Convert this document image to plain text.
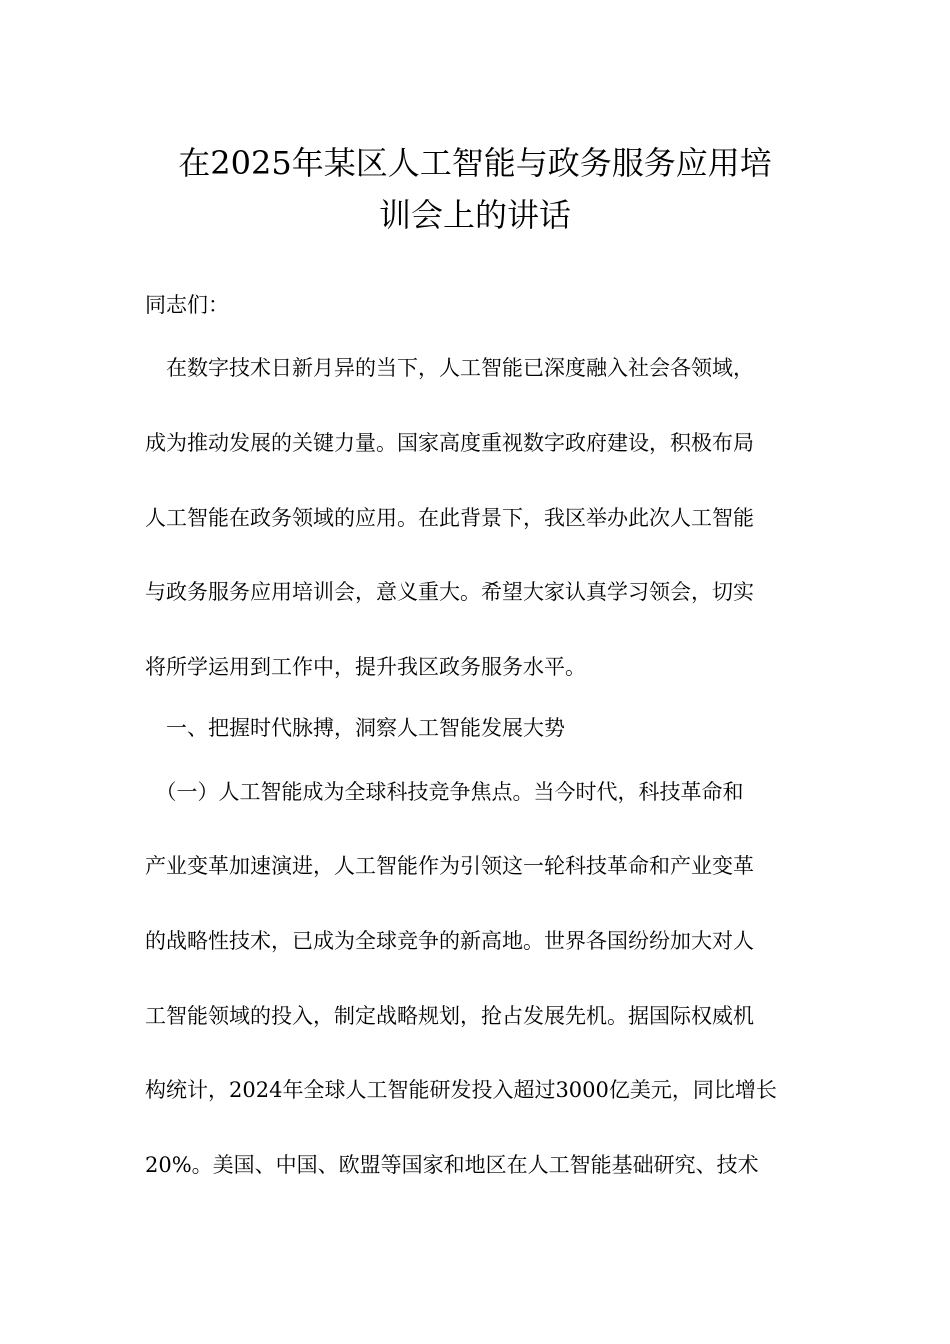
在2025年某区人工智能与政务服务应用培
训会上的讲话
同志们：
　在数字技术日新月异的当下，人工智能已深度融入社会各领域，
成为推动发展的关键力量。国家高度重视数字政府建设，积极布局
人工智能在政务领域的应用。在此背景下，我区举办此次人工智能
与政务服务应用培训会，意义重大。希望大家认真学习领会，切实
将所学运用到工作中，提升我区政务服务水平。
　一、把握时代脉搏，洞察人工智能发展大势
　（一）人工智能成为全球科技竞争焦点。当今时代，科技革命和
产业变革加速演进，人工智能作为引领这一轮科技革命和产业变革
的战略性技术，已成为全球竞争的新高地。世界各国纷纷加大对人
工智能领域的投入，制定战略规划，抢占发展先机。据国际权威机
构统计，2024年全球人工智能研发投入超过3000亿美元，同比增长
20%。美国、中国、欧盟等国家和地区在人工智能基础研究、技术
